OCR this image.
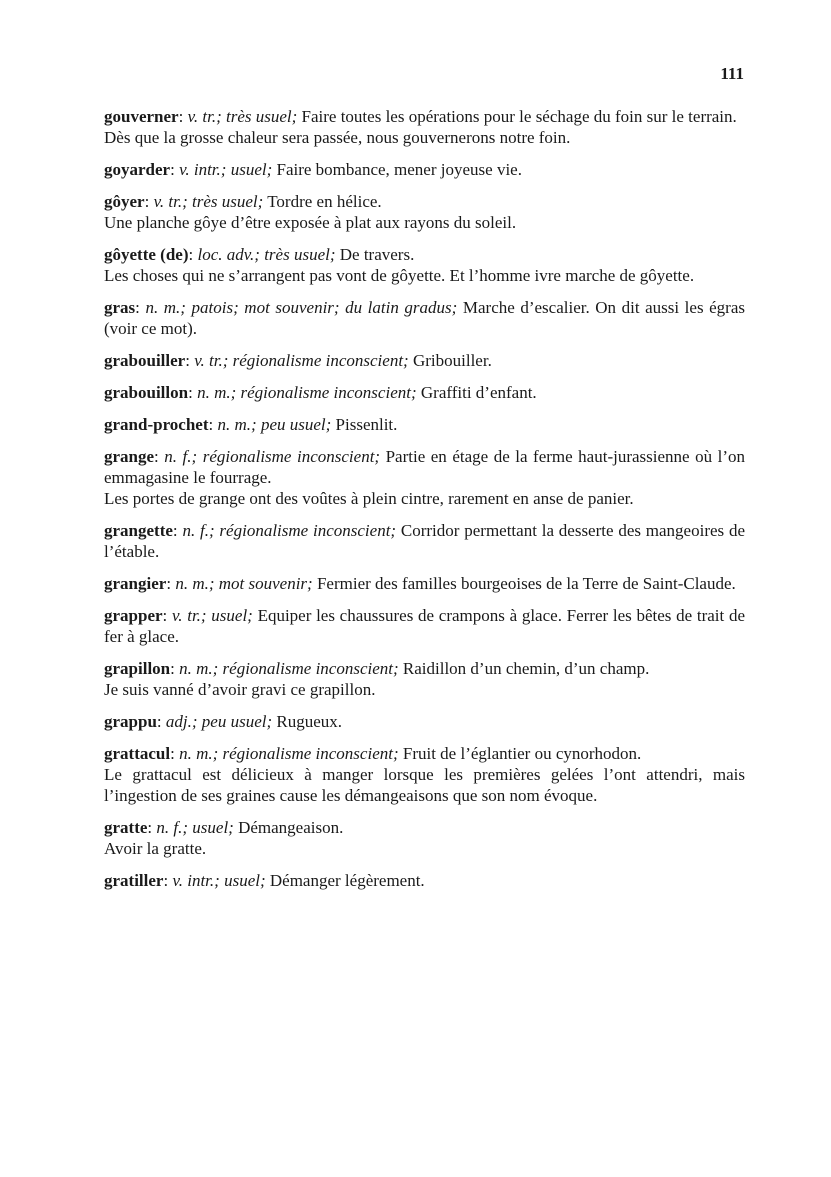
111

gouverner: v. tr.; très usuel; Faire toutes les opérations pour le séchage du foin sur le terrain.

Dès que la grosse chaleur sera passée, nous gouvernerons notre foin.

goyarder: v. intr.; usuel; Faire bombance, mener joyeuse vie.

gôyer: v. tr.; très usuel; Tordre en hélice.

Une planche gôye d’être exposée à plat aux rayons du soleil.

gôyette (de): loc. adv.; très usuel; De travers.

Les choses qui ne s’arrangent pas vont de gôyette. Et l’homme ivre marche de gôyette.

gras: n. m.; patois; mot souvenir; du latin gradus; Marche d’escalier. On dit aussi les égras (voir ce mot).

grabouiller: v. tr.; régionalisme inconscient; Gribouiller.

grabouillon: n. m.; régionalisme inconscient; Graffiti d’enfant.

grand-prochet: n. m.; peu usuel; Pissenlit.

grange: n. f.; régionalisme inconscient; Partie en étage de la ferme haut-jurassienne où l’on emmagasine le fourrage.

Les portes de grange ont des voûtes à plein cintre, rarement en anse de panier.

grangette: n. f.; régionalisme inconscient; Corridor permettant la desserte des mangeoires de l’étable.

grangier: n. m.; mot souvenir; Fermier des familles bourgeoises de la Terre de Saint-Claude.

grapper: v. tr.; usuel; Equiper les chaussures de crampons à glace. Ferrer les bêtes de trait de fer à glace.

grapillon: n. m.; régionalisme inconscient; Raidillon d’un chemin, d’un champ.

Je suis vanné d’avoir gravi ce grapillon.

grappu: adj.; peu usuel; Rugueux.

grattacul: n. m.; régionalisme inconscient; Fruit de l’églantier ou cynorhodon.

Le grattacul est délicieux à manger lorsque les premières gelées l’ont attendri, mais l’ingestion de ses graines cause les démangeaisons que son nom évoque.

gratte: n. f.; usuel; Démangeaison.

Avoir la gratte.

gratiller: v. intr.; usuel; Démanger légèrement.
